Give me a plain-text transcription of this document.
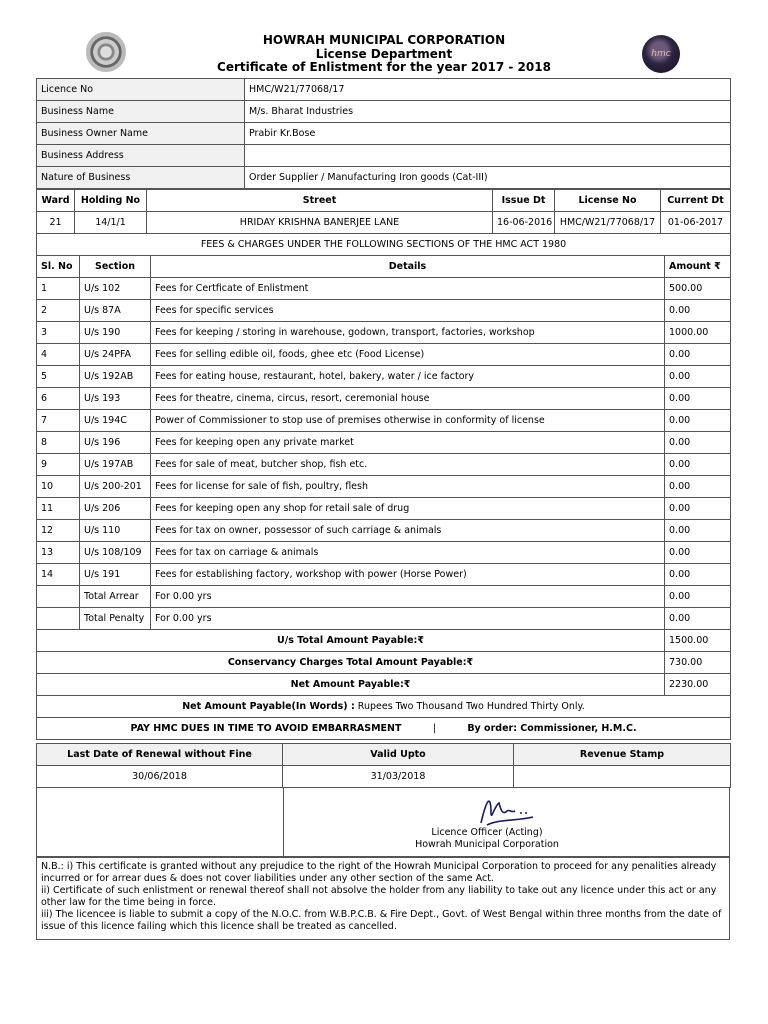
hmc
HOWRAH MUNICIPAL CORPORATION
License Department
Certificate of Enlistment for the year 2017 - 2018
Licence No	HMC/W21/77068/17
Business Name	M/s. Bharat Industries
Business Owner Name	Prabir Kr.Bose
Business Address	
Nature of Business	Order Supplier / Manufacturing Iron goods (Cat-III)
Ward	Holding No	Street	Issue Dt	License No	Current Dt
21	14/1/1	HRIDAY KRISHNA BANERJEE LANE	16-06-2016	HMC/W21/77068/17	01-06-2017
FEES & CHARGES UNDER THE FOLLOWING SECTIONS OF THE HMC ACT 1980			
Sl. No	Section	Details	Amount ₹
1	U/s 102	Fees for Certficate of Enlistment	500.00
2	U/s 87A	Fees for specific services	0.00
3	U/s 190	Fees for keeping / storing in warehouse, godown, transport, factories, workshop	1000.00
4	U/s 24PFA	Fees for selling edible oil, foods, ghee etc (Food License)	0.00
5	U/s 192AB	Fees for eating house, restaurant, hotel, bakery, water / ice factory	0.00
6	U/s 193	Fees for theatre, cinema, circus, resort, ceremonial house	0.00
7	U/s 194C	Power of Commissioner to stop use of premises otherwise in conformity of license	0.00
8	U/s 196	Fees for keeping open any private market	0.00
9	U/s 197AB	Fees for sale of meat, butcher shop, fish etc.	0.00
10	U/s 200-201	Fees for license for sale of fish, poultry, flesh	0.00
11	U/s 206	Fees for keeping open any shop for retail sale of drug	0.00
12	U/s 110	Fees for tax on owner, possessor of such carriage & animals	0.00
13	U/s 108/109	Fees for tax on carriage & animals	0.00
14	U/s 191	Fees for establishing factory, workshop with power (Horse Power)	0.00
	Total Arrear	For 0.00 yrs	0.00
	Total Penalty	For 0.00 yrs	0.00
U/s Total Amount Payable:₹			1500.00
Conservancy Charges Total Amount Payable:₹			730.00
Net Amount Payable:₹			2230.00
Net Amount Payable(In Words) : Rupees Two Thousand Two Hundred Thirty Only.			
PAY HMC DUES IN TIME TO AVOID EMBARRASMENT | By order: Commissioner, H.M.C.			
Last Date of Renewal without Fine	Valid Upto	Revenue Stamp
30/06/2018	31/03/2018	
Licence Officer (Acting)
Howrah Municipal Corporation
N.B.: i) This certificate is granted without any prejudice to the right of the Howrah Municipal Corporation to proceed for any penalities already incurred or for arrear dues & does not cover liabilities under any other section of the same Act.
ii) Certificate of such enlistment or renewal thereof shall not absolve the holder from any liability to take out any licence under this act or any other law for the time being in force.
iii) The licencee is liable to submit a copy of the N.O.C. from W.B.P.C.B. & Fire Dept., Govt. of West Bengal within three months from the date of issue of this licence failing which this licence shall be treated as cancelled.
